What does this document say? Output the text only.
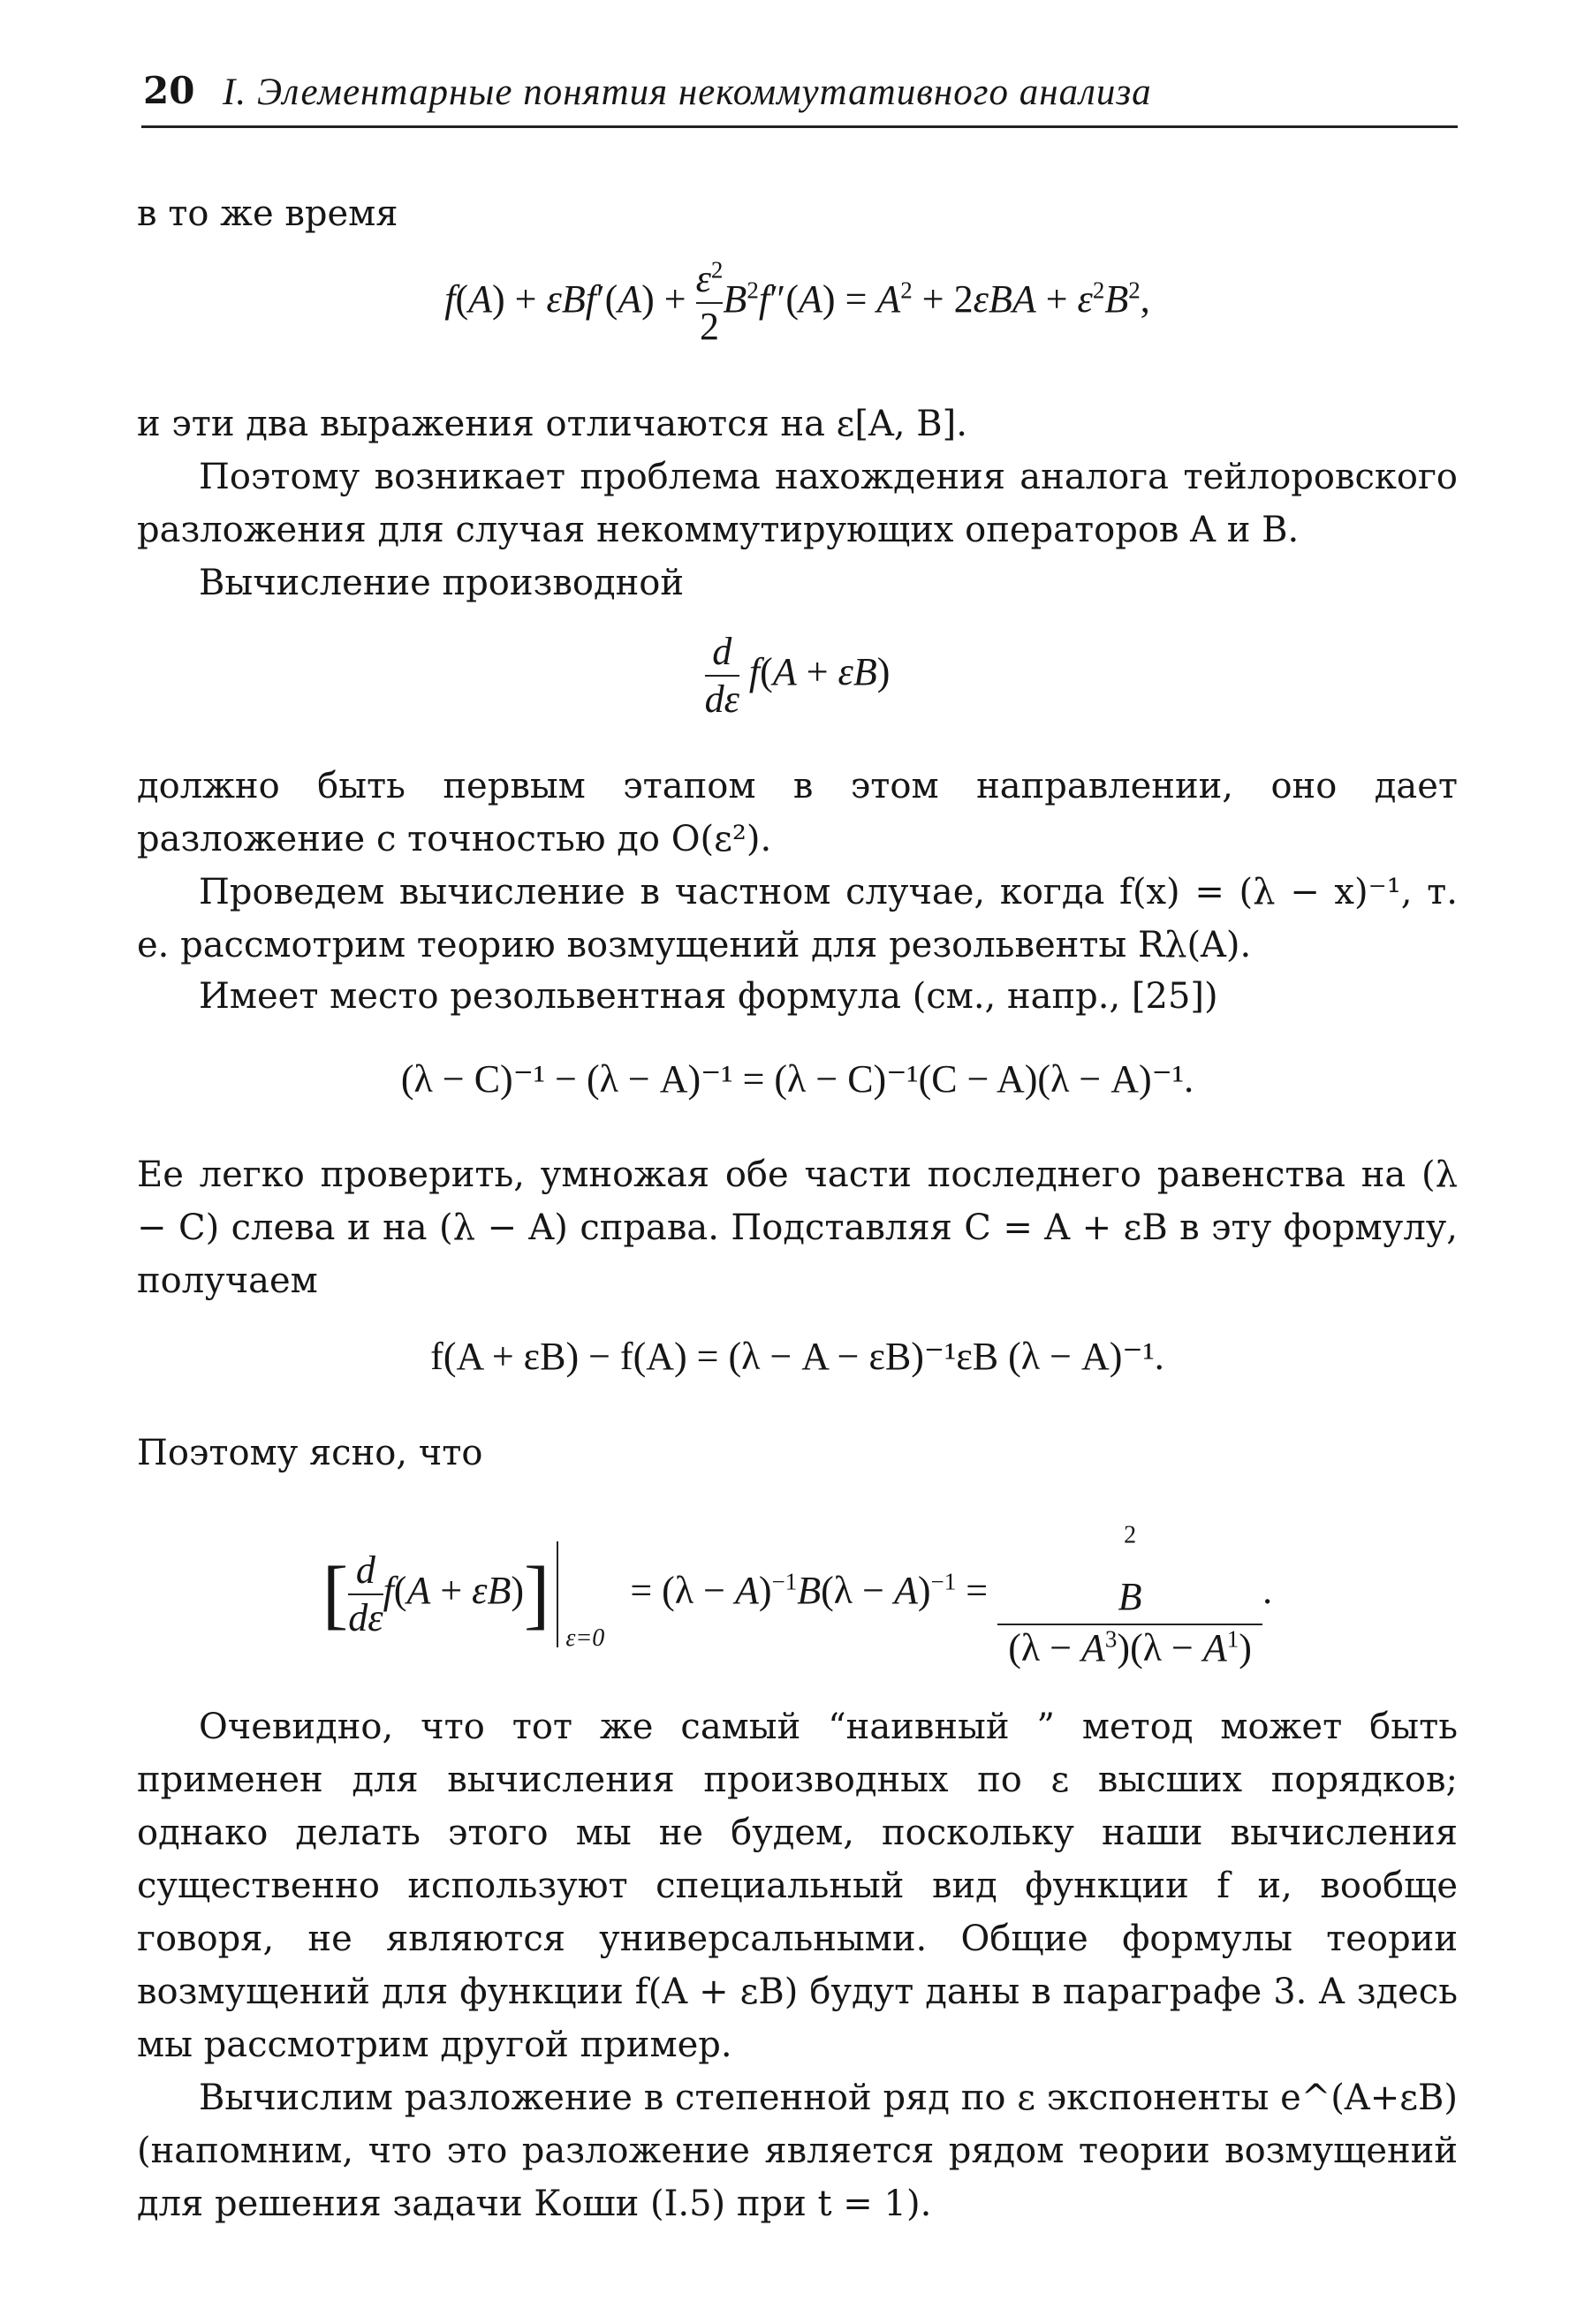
20 I. Элементарные понятия некоммутативного анализа

в то же время

$f(A) + \varepsilon Bf'(A) + \frac{\varepsilon^2}{2} B^2f''(A) = A^2 + 2\varepsilon BA + \varepsilon^2B^2$,

и эти два выражения отличаются на ε[A, B].

Поэтому возникает проблема нахождения аналога тейлоровского разложения для случая некоммутирующих операторов A и B.

Вычисление производной

$\frac{d}{d\varepsilon} f(A + \varepsilon B)$

должно быть первым этапом в этом направлении, оно дает разложение с точностью до O(ε²).

Проведем вычисление в частном случае, когда f(x) = (λ − x)⁻¹, т. е. рассмотрим теорию возмущений для резольвенты Rλ(A).

Имеет место резольвентная формула (см., напр., [25])

(λ − C)⁻¹ − (λ − A)⁻¹ = (λ − C)⁻¹(C − A)(λ − A)⁻¹.

Ее легко проверить, умножая обе части последнего равенства на (λ − C) слева и на (λ − A) справа. Подставляя C = A + εB в эту формулу, получаем

f(A + εB) − f(A) = (λ − A − εB)⁻¹εB (λ − A)⁻¹.

Поэтому ясно, что

[ $\frac{d}{d\varepsilon} f(A + \varepsilon B)$]
ε=0
= $(\lambda - A)^{-1}B(\lambda - A)^{-1}$ =
$^2$
B
$(\lambda - A^3)(\lambda - A^1)$
.

Очевидно, что тот же самый “наивный ” метод может быть применен для вычисления производных по ε высших порядков; однако делать этого мы не будем, поскольку наши вычисления существенно используют специальный вид функции f и, вообще говоря, не являются универсальными. Общие формулы теории возмущений для функции f(A + εB) будут даны в параграфе 3. А здесь мы рассмотрим другой пример.

Вычислим разложение в степенной ряд по ε экспоненты e^(A+εB) (напомним, что это разложение является рядом теории возмущений для решения задачи Коши (I.5) при t = 1).
